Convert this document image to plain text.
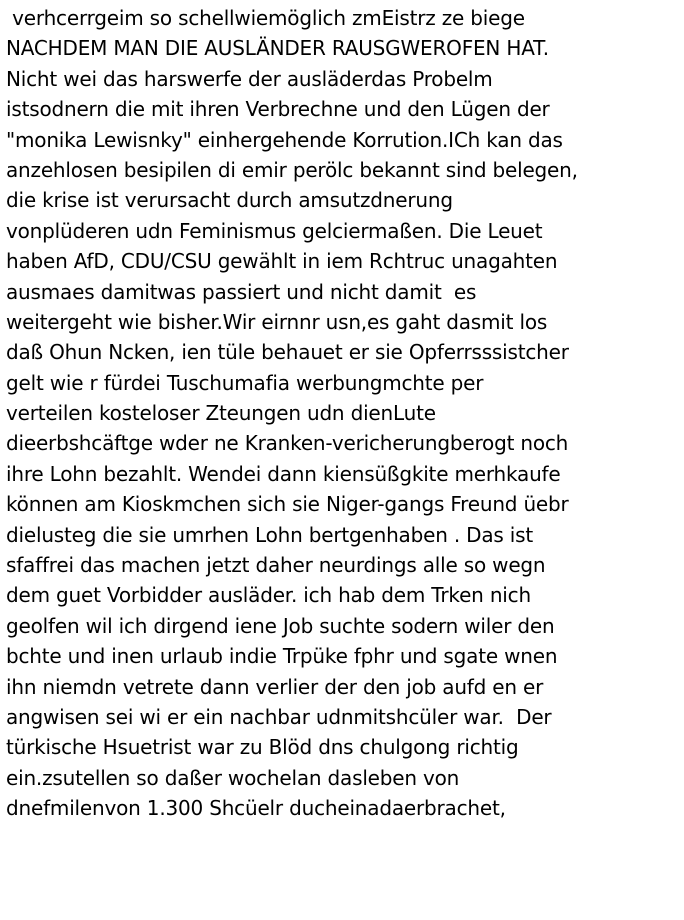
verhcerrgeim so schellwiemöglich zmEistrz ze biege
NACHDEM MAN DIE AUSLÄNDER RAUSGWEROFEN HAT.
Nicht wei das harswerfe der ausläderdas Probelm
istsodnern die mit ihren Verbrechne und den Lügen der
"monika Lewisnky" einhergehende Korrution.ICh kan das
anzehlosen besipilen di emir perölc bekannt sind belegen,
die krise ist verursacht durch amsutzdnerung
vonplüderen udn Feminismus gelciermaßen. Die Leuet
haben AfD, CDU/CSU gewählt in iem Rchtruc unagahten
ausmaes damitwas passiert und nicht damit  es
weitergeht wie bisher.Wir eirnnr usn,es gaht dasmit los
daß Ohun Ncken, ien tüle behauet er sie Opferrsssistcher
gelt wie r fürdei Tuschumafia werbungmchte per
verteilen kosteloser Zteungen udn dienLute
dieerbshcäftge wder ne Kranken-vericherungberogt noch
ihre Lohn bezahlt. Wendei dann kiensüßgkite merhkaufe
können am Kioskmchen sich sie Niger-gangs Freund üebr
dielusteg die sie umrhen Lohn bertgenhaben . Das ist
sfaffrei das machen jetzt daher neurdings alle so wegn
dem guet Vorbidder ausläder. ich hab dem Trken nich
geolfen wil ich dirgend iene Job suchte sodern wiler den
bchte und inen urlaub indie Trpüke fphr und sgate wnen
ihn niemdn vetrete dann verlier der den job aufd en er
angwisen sei wi er ein nachbar udnmitshcüler war.  Der
türkische Hsuetrist war zu Blöd dns chulgong richtig
ein.zsutellen so daßer wochelan dasleben von
dnefmilenvon 1.300 Shcüelr ducheinadaerbrachet,
